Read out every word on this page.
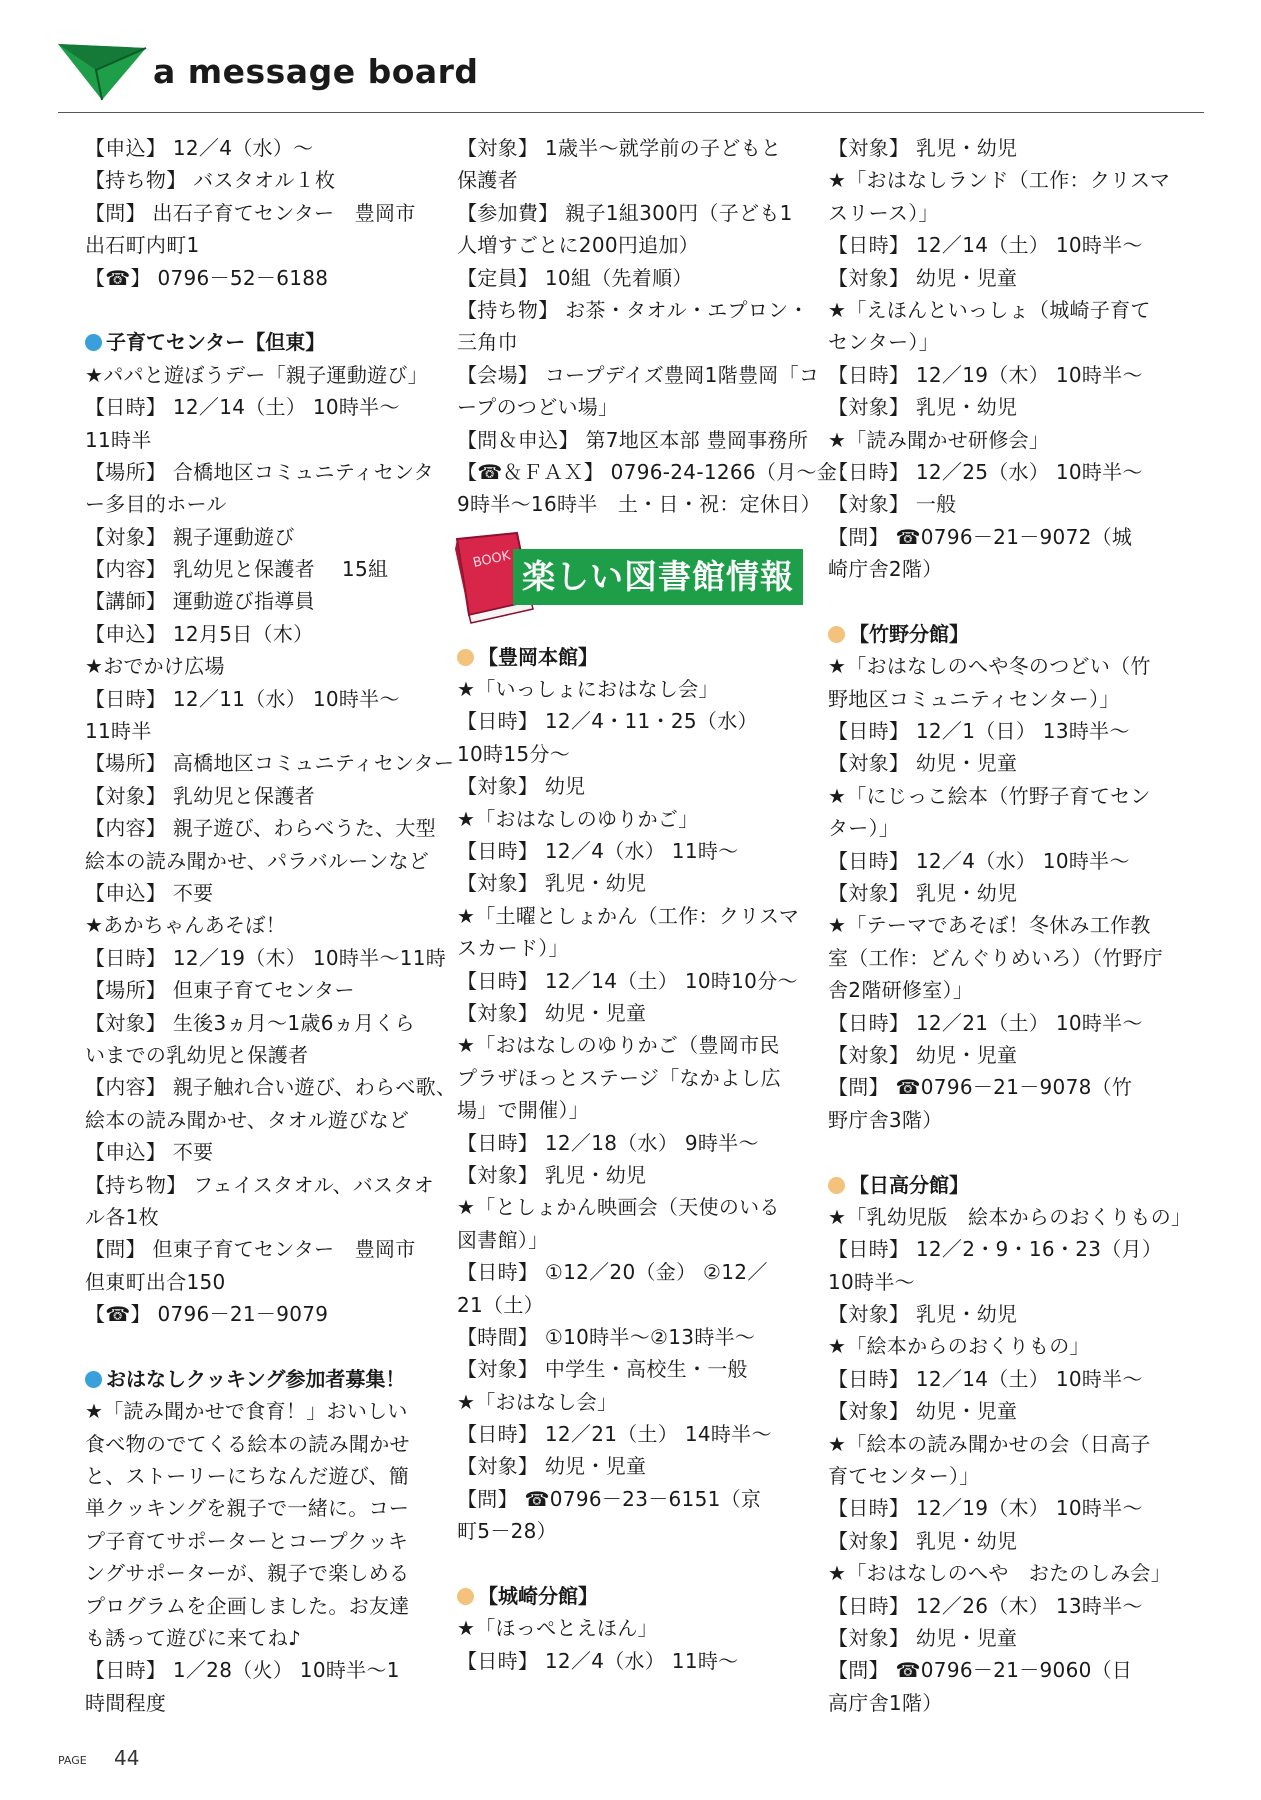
a message board
【申込】 12／4（水）～
【持ち物】 バスタオル１枚
【問】 出石子育てセンター　豊岡市
出石町内町1
【☎】 0796－52－6188
子育てセンター【但東】
★パパと遊ぼうデー「親子運動遊び」
【日時】 12／14（土） 10時半～
11時半
【場所】 合橋地区コミュニティセンタ
ー多目的ホール
【対象】 親子運動遊び
【内容】 乳幼児と保護者　 15組
【講師】 運動遊び指導員
【申込】 12月5日（木）
★おでかけ広場
【日時】 12／11（水） 10時半～
11時半
【場所】 高橋地区コミュニティセンター
【対象】 乳幼児と保護者
【内容】 親子遊び、わらべうた、大型
絵本の読み聞かせ、パラバルーンなど
【申込】 不要
★あかちゃんあそぼ！
【日時】 12／19（木） 10時半～11時
【場所】 但東子育てセンター
【対象】 生後3ヵ月～1歳6ヵ月くら
いまでの乳幼児と保護者
【内容】 親子触れ合い遊び、わらべ歌、
絵本の読み聞かせ、タオル遊びなど
【申込】 不要
【持ち物】 フェイスタオル、バスタオ
ル各1枚
【問】 但東子育てセンター　豊岡市
但東町出合150
【☎】 0796－21－9079
おはなしクッキング参加者募集！
★「読み聞かせで食育！」おいしい
食べ物のでてくる絵本の読み聞かせ
と、ストーリーにちなんだ遊び、簡
単クッキングを親子で一緒に。コー
プ子育てサポーターとコープクッキ
ングサポーターが、親子で楽しめる
プログラムを企画しました。お友達
も誘って遊びに来てね♪
【日時】 1／28（火） 10時半～1
時間程度
【対象】 1歳半～就学前の子どもと
保護者
【参加費】 親子1組300円（子ども1
人増すごとに200円追加）
【定員】 10組（先着順）
【持ち物】 お茶・タオル・エプロン・
三角巾
【会場】 コープデイズ豊岡1階豊岡「コ
ープのつどい場」
【問＆申込】 第7地区本部 豊岡事務所
【☎＆ＦＡＸ】 0796-24-1266（月～金：
9時半～16時半　土・日・祝：定休日）
BOOK 楽しい図書館情報
【豊岡本館】
★「いっしょにおはなし会」
【日時】 12／4・11・25（水）
10時15分～
【対象】 幼児
★「おはなしのゆりかご」
【日時】 12／4（水） 11時～
【対象】 乳児・幼児
★「土曜としょかん（工作：クリスマ
スカード）」
【日時】 12／14（土） 10時10分～
【対象】 幼児・児童
★「おはなしのゆりかご（豊岡市民
プラザほっとステージ「なかよし広
場」で開催）」
【日時】 12／18（水） 9時半～
【対象】 乳児・幼児
★「としょかん映画会（天使のいる
図書館）」
【日時】 ①12／20（金） ②12／
21（土）
【時間】 ①10時半～②13時半～
【対象】 中学生・高校生・一般
★「おはなし会」
【日時】 12／21（土） 14時半～
【対象】 幼児・児童
【問】 ☎0796－23－6151（京
町5－28）
【城崎分館】
★「ほっぺとえほん」
【日時】 12／4（水） 11時～
【対象】 乳児・幼児
★「おはなしランド（工作：クリスマ
スリース）」
【日時】 12／14（土） 10時半～
【対象】 幼児・児童
★「えほんといっしょ（城崎子育て
センター）」
【日時】 12／19（木） 10時半～
【対象】 乳児・幼児
★「読み聞かせ研修会」
【日時】 12／25（水） 10時半～
【対象】 一般
【問】 ☎0796－21－9072（城
崎庁舎2階）
【竹野分館】
★「おはなしのへや冬のつどい（竹
野地区コミュニティセンター）」
【日時】 12／1（日） 13時半～
【対象】 幼児・児童
★「にじっこ絵本（竹野子育てセン
ター）」
【日時】 12／4（水） 10時半～
【対象】 乳児・幼児
★「テーマであそぼ！冬休み工作教
室（工作：どんぐりめいろ）（竹野庁
舎2階研修室）」
【日時】 12／21（土） 10時半～
【対象】 幼児・児童
【問】 ☎0796－21－9078（竹
野庁舎3階）
【日高分館】
★「乳幼児版　絵本からのおくりもの」
【日時】 12／2・9・16・23（月）
10時半～
【対象】 乳児・幼児
★「絵本からのおくりもの」
【日時】 12／14（土） 10時半～
【対象】 幼児・児童
★「絵本の読み聞かせの会（日高子
育てセンター）」
【日時】 12／19（木） 10時半～
【対象】 乳児・幼児
★「おはなしのへや　おたのしみ会」
【日時】 12／26（木） 13時半～
【対象】 幼児・児童
【問】 ☎0796－21－9060（日
高庁舎1階）
PAGE 44
